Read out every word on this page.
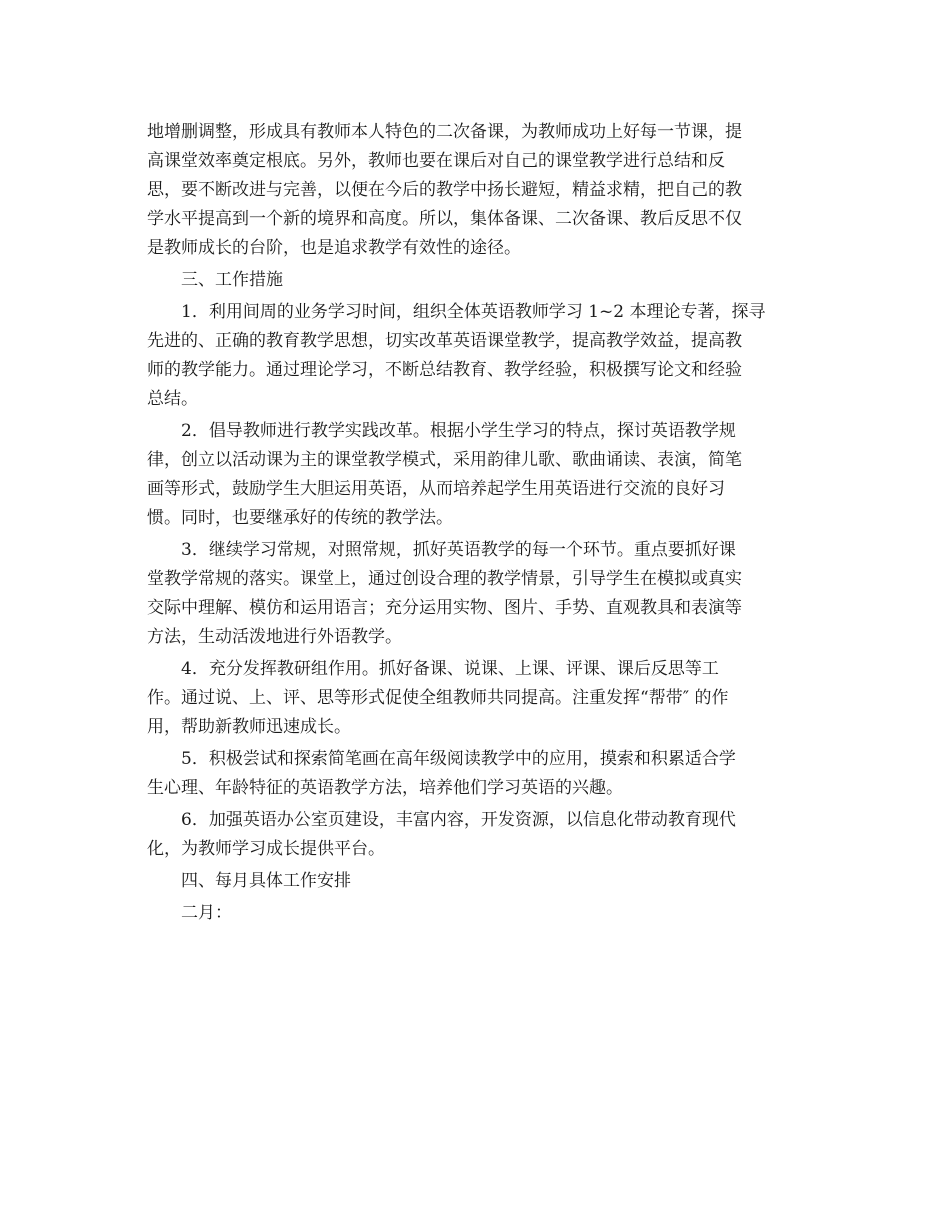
地增删调整，形成具有教师本人特色的二次备课，为教师成功上好每一节课，提
高课堂效率奠定根底。另外，教师也要在课后对自己的课堂教学进行总结和反
思，要不断改进与完善，以便在今后的教学中扬长避短，精益求精，把自己的教
学水平提高到一个新的境界和高度。所以，集体备课、二次备课、教后反思不仅
是教师成长的台阶，也是追求教学有效性的途径。
三、工作措施
1．利用间周的业务学习时间，组织全体英语教师学习 1~2 本理论专著，探寻
先进的、正确的教育教学思想，切实改革英语课堂教学，提高教学效益，提高教
师的教学能力。通过理论学习，不断总结教育、教学经验，积极撰写论文和经验
总结。
2．倡导教师进行教学实践改革。根据小学生学习的特点，探讨英语教学规
律，创立以活动课为主的课堂教学模式，采用韵律儿歌、歌曲诵读、表演，简笔
画等形式，鼓励学生大胆运用英语，从而培养起学生用英语进行交流的良好习
惯。同时，也要继承好的传统的教学法。
3．继续学习常规，对照常规，抓好英语教学的每一个环节。重点要抓好课
堂教学常规的落实。课堂上，通过创设合理的教学情景，引导学生在模拟或真实
交际中理解、模仿和运用语言；充分运用实物、图片、手势、直观教具和表演等
方法，生动活泼地进行外语教学。
4．充分发挥教研组作用。抓好备课、说课、上课、评课、课后反思等工
作。通过说、上、评、思等形式促使全组教师共同提高。注重发挥“帮带″ 的作
用，帮助新教师迅速成长。
5．积极尝试和探索简笔画在高年级阅读教学中的应用，摸索和积累适合学
生心理、年龄特征的英语教学方法，培养他们学习英语的兴趣。
6．加强英语办公室页建设，丰富内容，开发资源，以信息化带动教育现代
化，为教师学习成长提供平台。
四、每月具体工作安排
二月：
